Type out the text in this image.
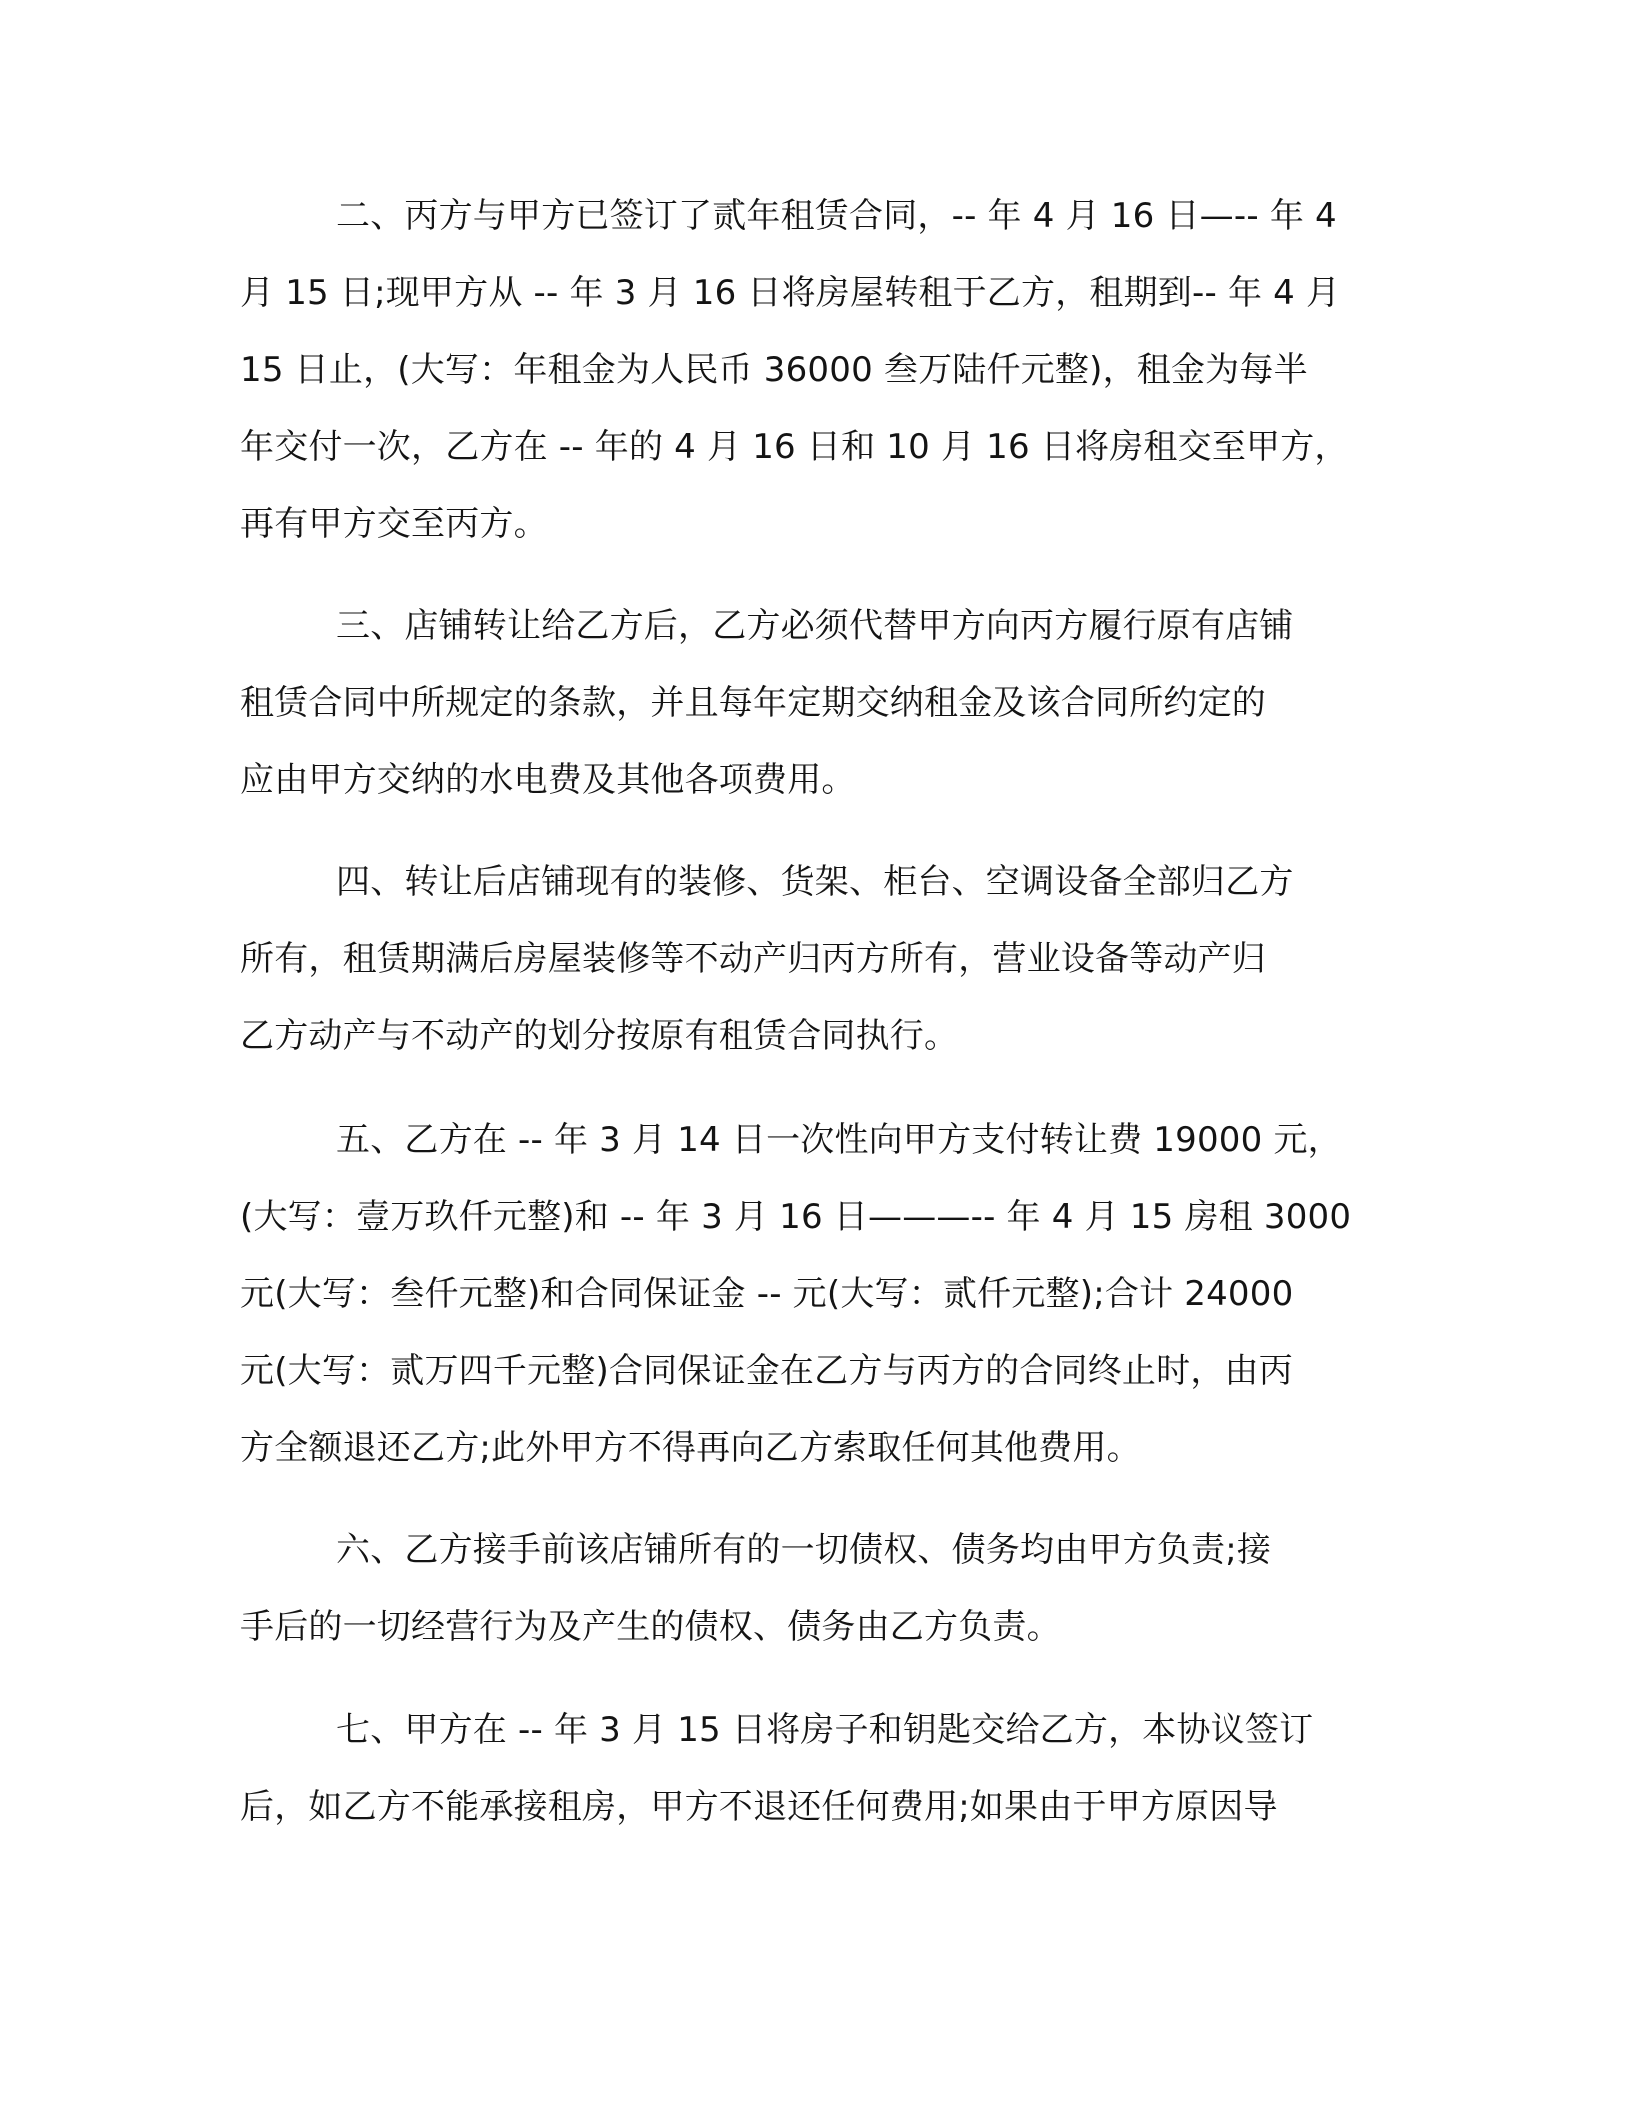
二、丙方与甲方已签订了贰年租赁合同，-- 年 4 月 16 日—-- 年 4
月 15 日;现甲方从 -- 年 3 月 16 日将房屋转租于乙方，租期到-- 年 4 月
15 日止，(大写：年租金为人民币 36000 叁万陆仟元整)，租金为每半
年交付一次，乙方在 -- 年的 4 月 16 日和 10 月 16 日将房租交至甲方，
再有甲方交至丙方。
三、店铺转让给乙方后，乙方必须代替甲方向丙方履行原有店铺
租赁合同中所规定的条款，并且每年定期交纳租金及该合同所约定的
应由甲方交纳的水电费及其他各项费用。
四、转让后店铺现有的装修、货架、柜台、空调设备全部归乙方
所有，租赁期满后房屋装修等不动产归丙方所有，营业设备等动产归
乙方动产与不动产的划分按原有租赁合同执行。
五、乙方在 -- 年 3 月 14 日一次性向甲方支付转让费 19000 元，
(大写：壹万玖仟元整)和 -- 年 3 月 16 日———-- 年 4 月 15 房租 3000
元(大写：叁仟元整)和合同保证金 -- 元(大写：贰仟元整);合计 24000
元(大写：贰万四千元整)合同保证金在乙方与丙方的合同终止时，由丙
方全额退还乙方;此外甲方不得再向乙方索取任何其他费用。
六、乙方接手前该店铺所有的一切债权、债务均由甲方负责;接
手后的一切经营行为及产生的债权、债务由乙方负责。
七、甲方在 -- 年 3 月 15 日将房子和钥匙交给乙方，本协议签订
后，如乙方不能承接租房，甲方不退还任何费用;如果由于甲方原因导
